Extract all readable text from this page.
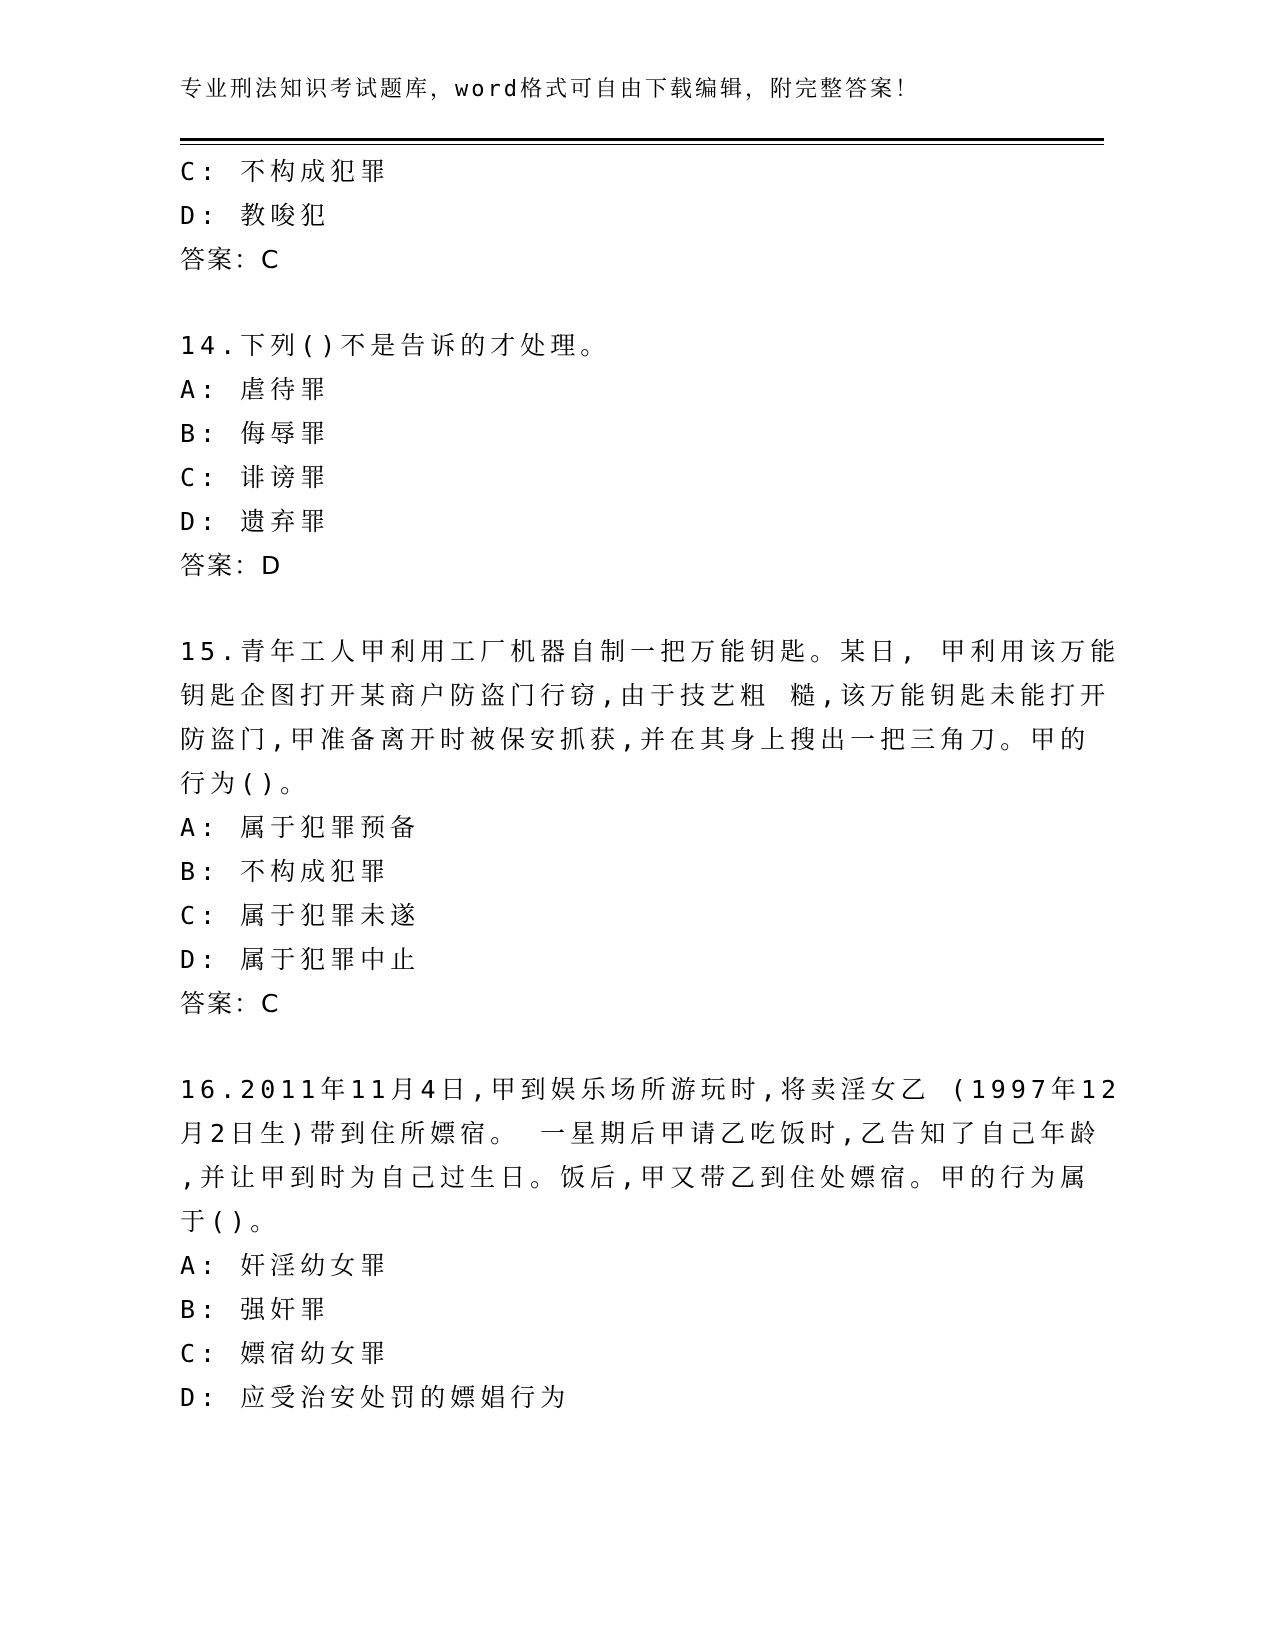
专业刑法知识考试题库，word格式可自由下载编辑，附完整答案！
C: 不构成犯罪
D: 教唆犯
答案：C
14.下列()不是告诉的才处理。
A: 虐待罪
B: 侮辱罪
C: 诽谤罪
D: 遗弃罪
答案：D
15.青年工人甲利用工厂机器自制一把万能钥匙。某日, 甲利用该万能
钥匙企图打开某商户防盗门行窃,由于技艺粗 糙,该万能钥匙未能打开
防盗门,甲准备离开时被保安抓获,并在其身上搜出一把三角刀。甲的
行为()。
A: 属于犯罪预备
B: 不构成犯罪
C: 属于犯罪未遂
D: 属于犯罪中止
答案：C
16.2011年11月4日,甲到娱乐场所游玩时,将卖淫女乙 (1997年12
月2日生)带到住所嫖宿。 一星期后甲请乙吃饭时,乙告知了自己年龄
,并让甲到时为自己过生日。饭后,甲又带乙到住处嫖宿。甲的行为属
于()。
A: 奸淫幼女罪
B: 强奸罪
C: 嫖宿幼女罪
D: 应受治安处罚的嫖娼行为
